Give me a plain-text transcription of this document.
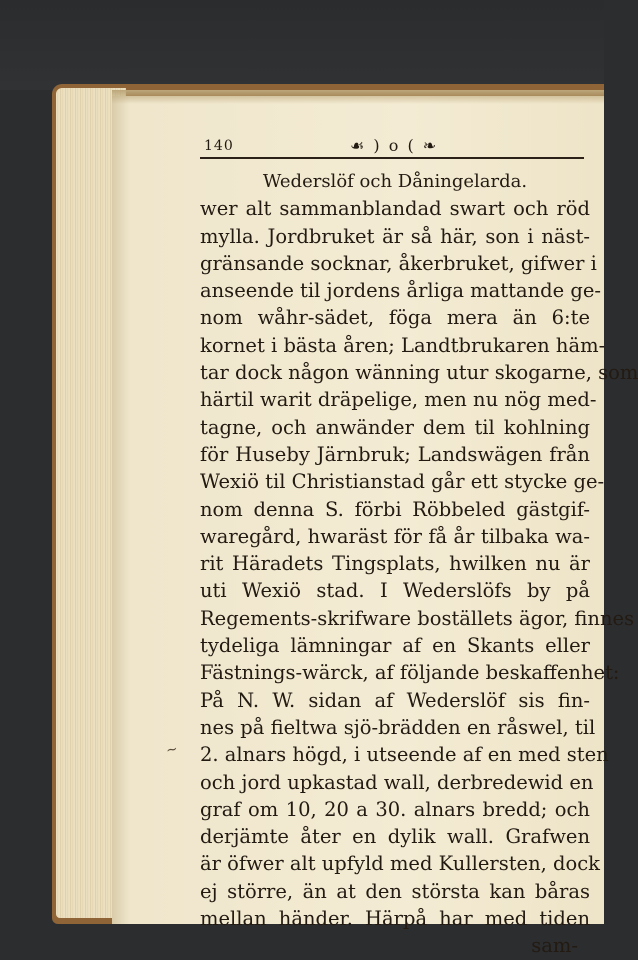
~
140	☙ ) o ( ❧
Wederslöf och Dåningelarda.
wer alt sammanblandad swart och röd
mylla. Jordbruket är så här, son i näst-
gränsande socknar, åkerbruket, gifwer i
anseende til jordens årliga mattande ge-
nom wåhr-sädet, föga mera än 6:te
kornet i bästa åren; Landtbrukaren häm-
tar dock någon wänning utur skogarne, som
härtil warit dräpelige, men nu nög med-
tagne, och anwänder dem til kohlning
för Huseby Järnbruk; Landswägen från
Wexiö til Christianstad går ett stycke ge-
nom denna S. förbi Röbbeled gästgif-
waregård, hwaräst för få år tilbaka wa-
rit Häradets Tingsplats, hwilken nu är
uti Wexiö stad. I Wederslöfs by på
Regements-skrifware boställets ägor, finnes
tydeliga lämningar af en Skants eller
Fästnings-wärck, af följande beskaffenhet:
På N. W. sidan af Wederslöf sis fin-
nes på fieltwa sjö-brädden en råswel, til
2. alnars högd, i utseende af en med sten
och jord upkastad wall, derbredewid en
graf om 10, 20 a 30. alnars bredd; och
derjämte åter en dylik wall. Grafwen
är öfwer alt upfyld med Kullersten, dock
ej större, än at den största kan båras
mellan händer. Härpå har med tiden
sam-
